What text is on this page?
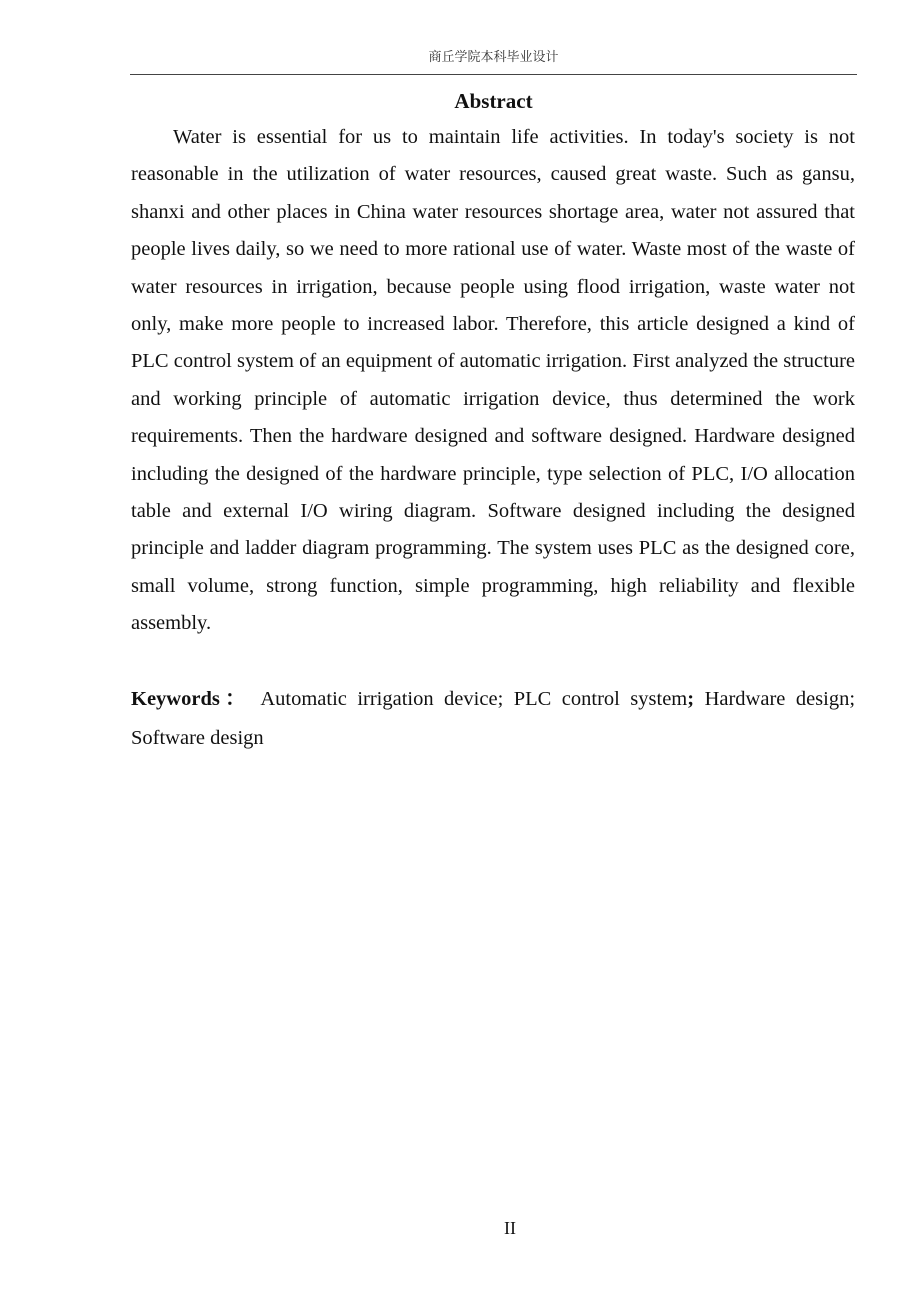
商丘学院本科毕业设计
Abstract

Water is essential for us to maintain life activities. In today's society is not reasonable in the utilization of water resources, caused great waste. Such as gansu, shanxi and other places in China water resources shortage area, water not assured that people lives daily, so we need to more rational use of water. Waste most of the waste of water resources in irrigation, because people using flood irrigation, waste water not only, make more people to increased labor. Therefore, this article designed a kind of PLC control system of an equipment of automatic irrigation. First analyzed the structure and working principle of automatic irrigation device, thus determined the work requirements. Then the hardware designed and software designed. Hardware designed including the designed of the hardware principle, type selection of PLC, I/O allocation table and external I/O wiring diagram. Software designed including the designed principle and ladder diagram programming. The system uses PLC as the designed core, small volume, strong function, simple programming, high reliability and flexible assembly.

Keywords： Automatic irrigation device; PLC control system; Hardware design; Software design

II
